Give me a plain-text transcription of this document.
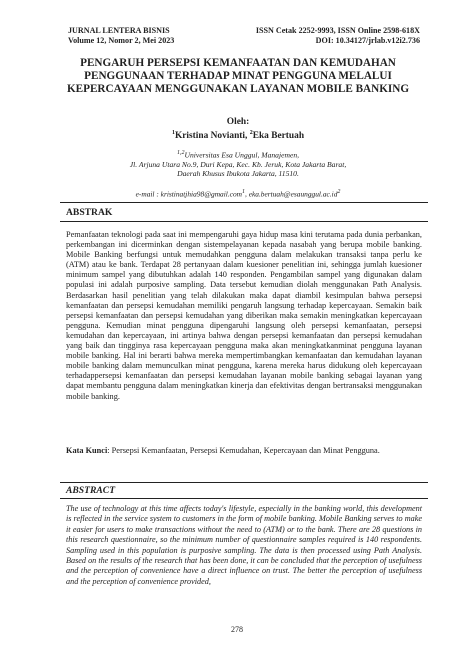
JURNAL LENTERA BISNIS	ISSN Cetak 2252-9993, ISSN Online 2598-618X
Volume 12, Nomor 2, Mei 2023	DOI: 10.34127/jrlab.v12i2.736
PENGARUH PERSEPSI KEMANFAATAN DAN KEMUDAHAN
PENGGUNAAN TERHADAP MINAT PENGGUNA MELALUI
KEPERCAYAAN MENGGUNAKAN LAYANAN MOBILE BANKING
Oleh:
$^1$Kristina Novianti, $^2$Eka Bertuah
$^{1,2}$Universitas Esa Unggul, Manajemen,
Jl. Arjuna Utara No.9, Duri Kepa, Kec. Kb. Jeruk, Kota Jakarta Barat,
Daerah Khusus Ibukota Jakarta, 11510.
e-mail : kristinatjhia98@gmail.com$^1$, $eka.bertuah@esaunggul.ac.id^2$
ABSTRAK
Pemanfaatan teknologi pada saat ini mempengaruhi gaya hidup masa kini terutama pada dunia perbankan, perkembangan ini dicerminkan dengan sistempelayanan kepada nasabah yang berupa mobile banking. Mobile Banking berfungsi untuk memudahkan pengguna dalam melakukan transaksi tanpa perlu ke (ATM) atau ke bank. Terdapat 28 pertanyaan dalam kuesioner penelitian ini, sehingga jumlah kuesioner minimum sampel yang dibutuhkan adalah 140 responden. Pengambilan sampel yang digunakan dalam populasi ini adalah purposive sampling. Data tersebut kemudian diolah menggunakan Path Analysis. Berdasarkan hasil penelitian yang telah dilakukan maka dapat diambil kesimpulan bahwa persepsi kemanfaatan dan persepsi kemudahan memiliki pengaruh langsung terhadap kepercayaan. Semakin baik persepsi kemanfaatan dan persepsi kemudahan yang diberikan maka semakin meningkatkan kepercayaan pengguna. Kemudian minat pengguna dipengaruhi langsung oleh persepsi kemanfaatan, persepsi kemudahan dan kepercayaan, ini artinya bahwa dengan persepsi kemanfaatan dan persepsi kemudahan yang baik dan tingginya rasa kepercayaan pengguna maka akan meningkatkanminat pengguna layanan mobile banking. Hal ini berarti bahwa mereka mempertimbangkan kemanfaatan dan kemudahan layanan mobile banking dalam memunculkan minat pengguna, karena mereka harus didukung oleh kepercayaan terhadappersepsi kemanfaatan dan persepsi kemudahan layanan mobile banking sebagai layanan yang dapat membantu pengguna dalam meningkatkan kinerja dan efektivitas dengan bertransaksi menggunakan mobile banking.
Kata Kunci: Persepsi Kemanfaatan, Persepsi Kemudahan, Kepercayaan dan Minat Pengguna.
ABSTRACT
The use of technology at this time affects today's lifestyle, especially in the banking world, this development is reflected in the service system to customers in the form of mobile banking. Mobile Banking serves to make it easier for users to make transactions without the need to (ATM) or to the bank. There are 28 questions in this research questionnaire, so the minimum number of questionnaire samples required is 140 respondents. Sampling used in this population is purposive sampling. The data is then processed using Path Analysis. Based on the results of the research that has been done, it can be concluded that the perception of usefulness and the perception of convenience have a direct influence on trust. The better the perception of usefulness and the perception of convenience provided,
278
